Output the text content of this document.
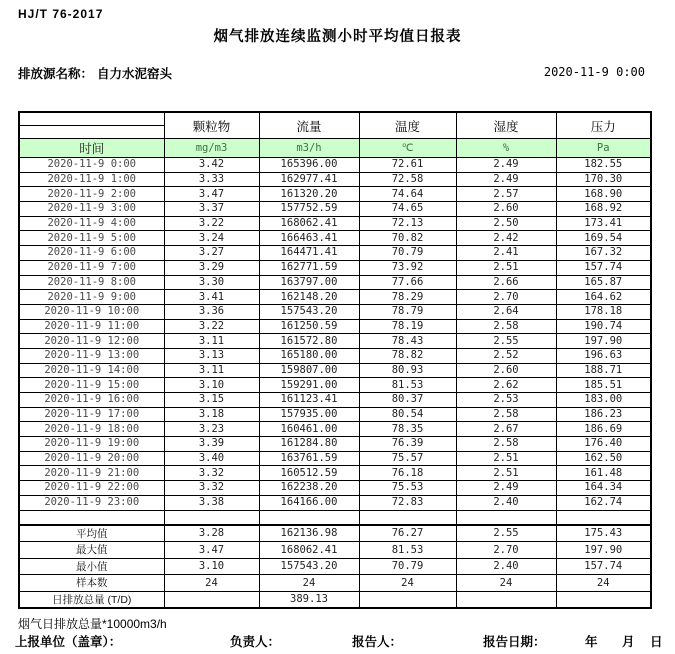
HJ/T 76-2017
烟气排放连续监测小时平均值日报表
排放源名称： 自力水泥窑头	2020-11-9 0:00
	颗粒物	流量	温度	湿度	压力

时间	mg/m3	m3/h	℃	%	Pa
2020-11-9 0:00	3.42	165396.00	72.61	2.49	182.55
2020-11-9 1:00	3.33	162977.41	72.58	2.49	170.30
2020-11-9 2:00	3.47	161320.20	74.64	2.57	168.90
2020-11-9 3:00	3.37	157752.59	74.65	2.60	168.92
2020-11-9 4:00	3.22	168062.41	72.13	2.50	173.41
2020-11-9 5:00	3.24	166463.41	70.82	2.42	169.54
2020-11-9 6:00	3.27	164471.41	70.79	2.41	167.32
2020-11-9 7:00	3.29	162771.59	73.92	2.51	157.74
2020-11-9 8:00	3.30	163797.00	77.66	2.66	165.87
2020-11-9 9:00	3.41	162148.20	78.29	2.70	164.62
2020-11-9 10:00	3.36	157543.20	78.79	2.64	178.18
2020-11-9 11:00	3.22	161250.59	78.19	2.58	190.74
2020-11-9 12:00	3.11	161572.80	78.43	2.55	197.90
2020-11-9 13:00	3.13	165180.00	78.82	2.52	196.63
2020-11-9 14:00	3.11	159807.00	80.93	2.60	188.71
2020-11-9 15:00	3.10	159291.00	81.53	2.62	185.51
2020-11-9 16:00	3.15	161123.41	80.37	2.53	183.00
2020-11-9 17:00	3.18	157935.00	80.54	2.58	186.23
2020-11-9 18:00	3.23	160461.00	78.35	2.67	186.69
2020-11-9 19:00	3.39	161284.80	76.39	2.58	176.40
2020-11-9 20:00	3.40	163761.59	75.57	2.51	162.50
2020-11-9 21:00	3.32	160512.59	76.18	2.51	161.48
2020-11-9 22:00	3.32	162238.20	75.53	2.49	164.34
2020-11-9 23:00	3.38	164166.00	72.83	2.40	162.74

平均值	3.28	162136.98	76.27	2.55	175.43
最大值	3.47	168062.41	81.53	2.70	197.90
最小值	3.10	157543.20	70.79	2.40	157.74
样本数	24	24	24	24	24
日排放总量 (T/D)		389.13			
烟气日排放总量*10000m3/h
上报单位（盖章）：	负责人：	报告人：	报告日期：	年 月 日
